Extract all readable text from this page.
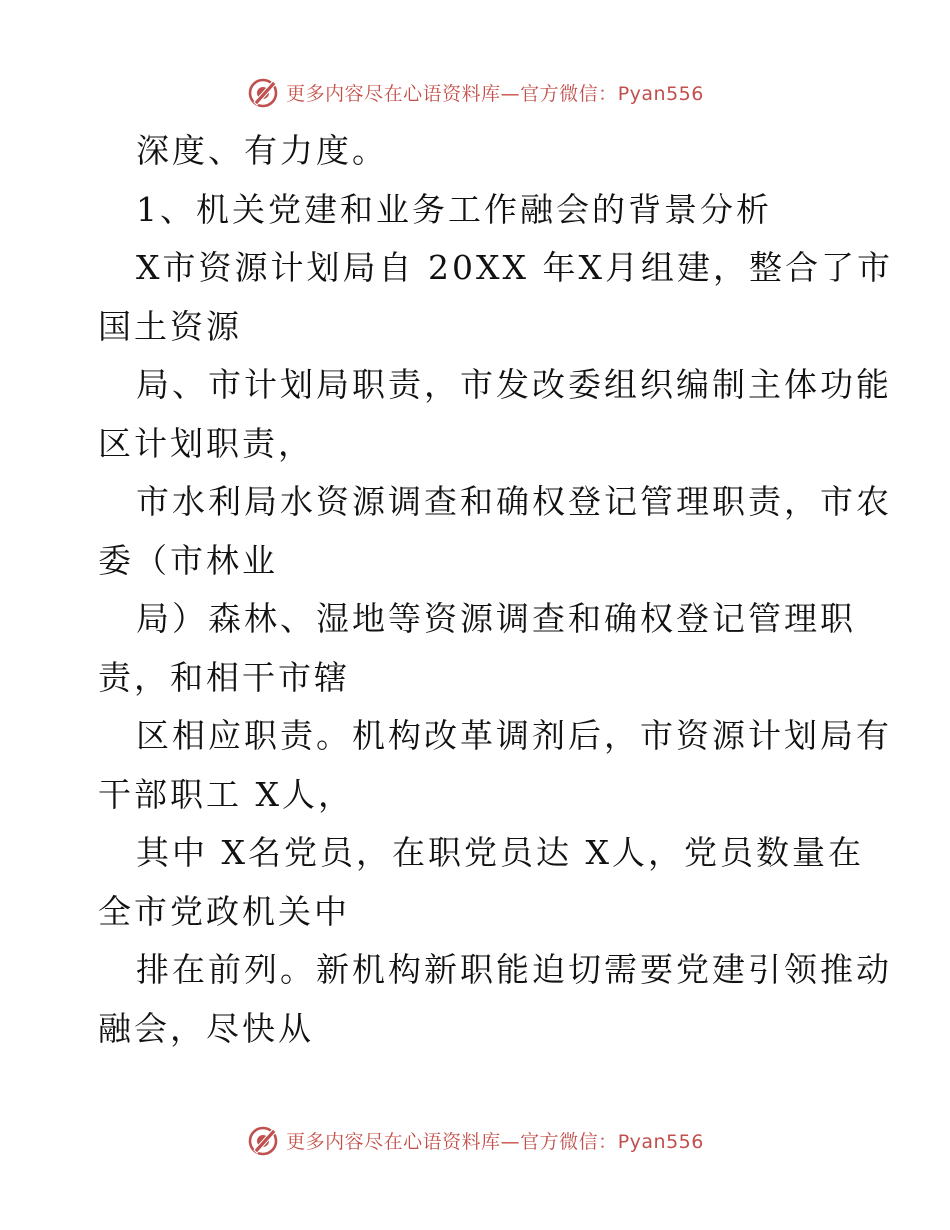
更多内容尽在心语资料库—官方微信：Pyan556
深度、有力度。
1、机关党建和业务工作融会的背景分析
X市资源计划局自 20XX 年X月组建，整合了市
国土资源
局、市计划局职责，市发改委组织编制主体功能
区计划职责，
市水利局水资源调查和确权登记管理职责，市农
委（市林业
局）森林、湿地等资源调查和确权登记管理职
责，和相干市辖
区相应职责。机构改革调剂后，市资源计划局有
干部职工 X人，
其中 X名党员，在职党员达 X人，党员数量在
全市党政机关中
排在前列。新机构新职能迫切需要党建引领推动
融会，尽快从
更多内容尽在心语资料库—官方微信：Pyan556
